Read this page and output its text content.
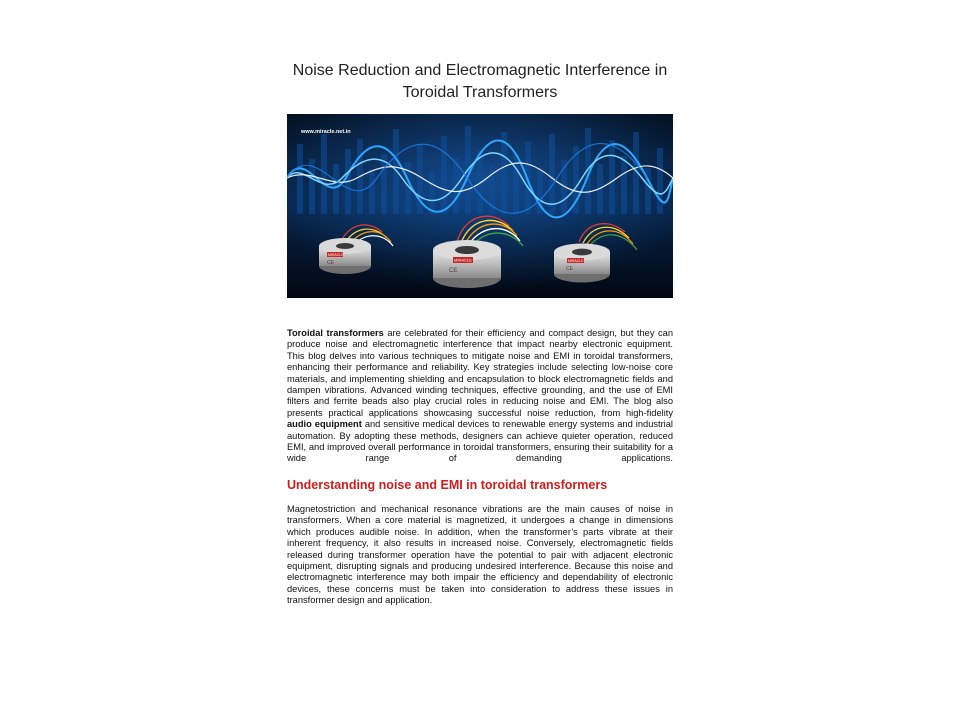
Noise Reduction and Electromagnetic Interference in
Toroidal Transformers
www.miracle.net.in
MIRACLE
CE	MIRACLE
CE
MIRACLE
CE

Toroidal transformers are celebrated for their efficiency and compact design, but they can produce noise and electromagnetic interference that impact nearby electronic equipment. This blog delves into various techniques to mitigate noise and EMI in toroidal transformers, enhancing their performance and reliability. Key strategies include selecting low-noise core materials, and implementing shielding and encapsulation to block electromagnetic fields and dampen vibrations. Advanced winding techniques, effective grounding, and the use of EMI filters and ferrite beads also play crucial roles in reducing noise and EMI. The blog also presents practical applications showcasing successful noise reduction, from high-fidelity audio equipment and sensitive medical devices to renewable energy systems and industrial automation. By adopting these methods, designers can achieve quieter operation, reduced EMI, and improved overall performance in toroidal transformers, ensuring their suitability for a wide range of demanding applications.

Understanding noise and EMI in toroidal transformers

Magnetostriction and mechanical resonance vibrations are the main causes of noise in transformers. When a core material is magnetized, it undergoes a change in dimensions which produces audible noise. In addition, when the transformer’s parts vibrate at their inherent frequency, it also results in increased noise. Conversely, electromagnetic fields released during transformer operation have the potential to pair with adjacent electronic equipment, disrupting signals and producing undesired interference. Because this noise and electromagnetic interference may both impair the efficiency and dependability of electronic devices, these concerns must be taken into consideration to address these issues in transformer design and application.
